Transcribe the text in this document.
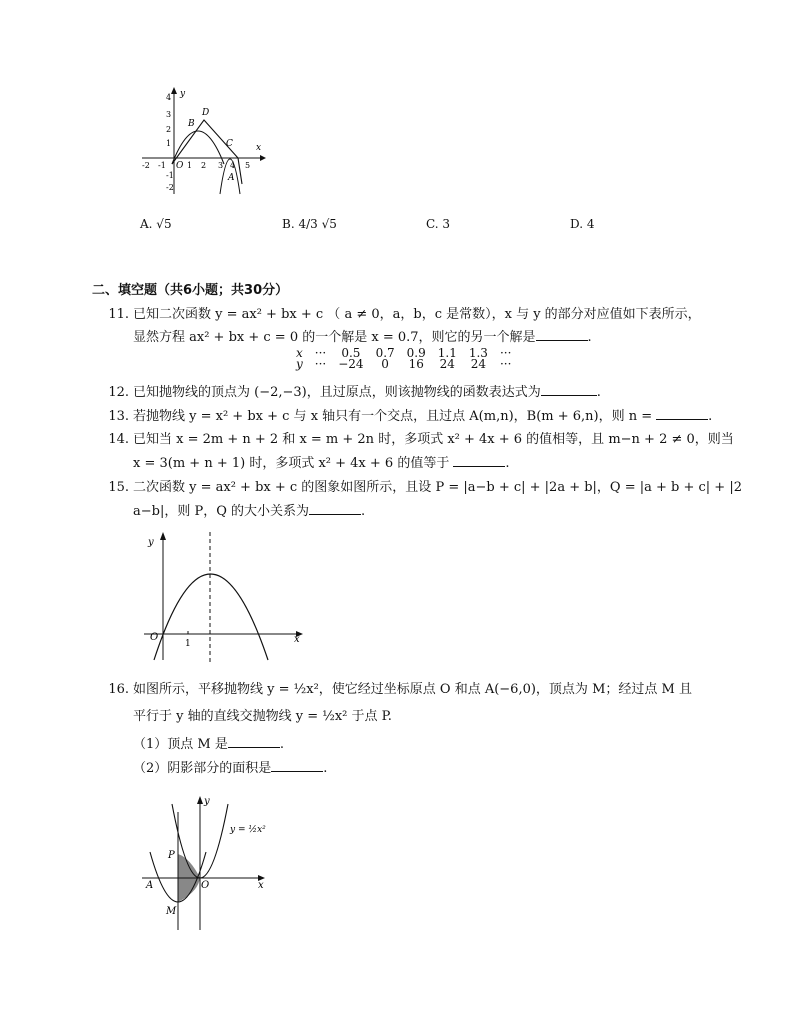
x
y
O
-2 -1	1 2 3 4 5
4
3
2
1
-1
-2
B
D
C
A
A. √5	B. 4/3 √5	C. 3	D. 4
二、填空题（共6小题；共30分）
11. 已知二次函数 y = ax² + bx + c （ a ≠ 0，a，b，c 是常数），x 与 y 的部分对应值如下表所示，
显然方程 ax² + bx + c = 0 的一个解是 x = 0.7，则它的另一个解是	.
x	···	0.5	0.7	0.9	1.1	1.3	···
y	···	−24	0	16	24	24	···
12. 已知抛物线的顶点为 (−2,−3)，且过原点，则该抛物线的函数表达式为	.
13. 若抛物线 y = x² + bx + c 与 x 轴只有一个交点，且过点 A(m,n)，B(m + 6,n)，则 n =	.
14. 已知当 x = 2m + n + 2 和 x = m + 2n 时，多项式 x² + 4x + 6 的值相等，且 m−n + 2 ≠ 0，则当
x = 3(m + n + 1) 时，多项式 x² + 4x + 6 的值等于	.
15. 二次函数 y = ax² + bx + c 的图象如图所示，且设 P = |a−b + c| + |2a + b|，Q = |a + b + c| + |2
a−b|，则 P，Q 的大小关系为	.
x
y
O
1
16. 如图所示，平移抛物线 y = ½x²，使它经过坐标原点 O 和点 A(−6,0)，顶点为 M；经过点 M 且
平行于 y 轴的直线交抛物线 y = ½x² 于点 P.
（1）顶点 M 是	.
（2）阴影部分的面积是	.
x
y
O
P
A
M
y = ½x²
